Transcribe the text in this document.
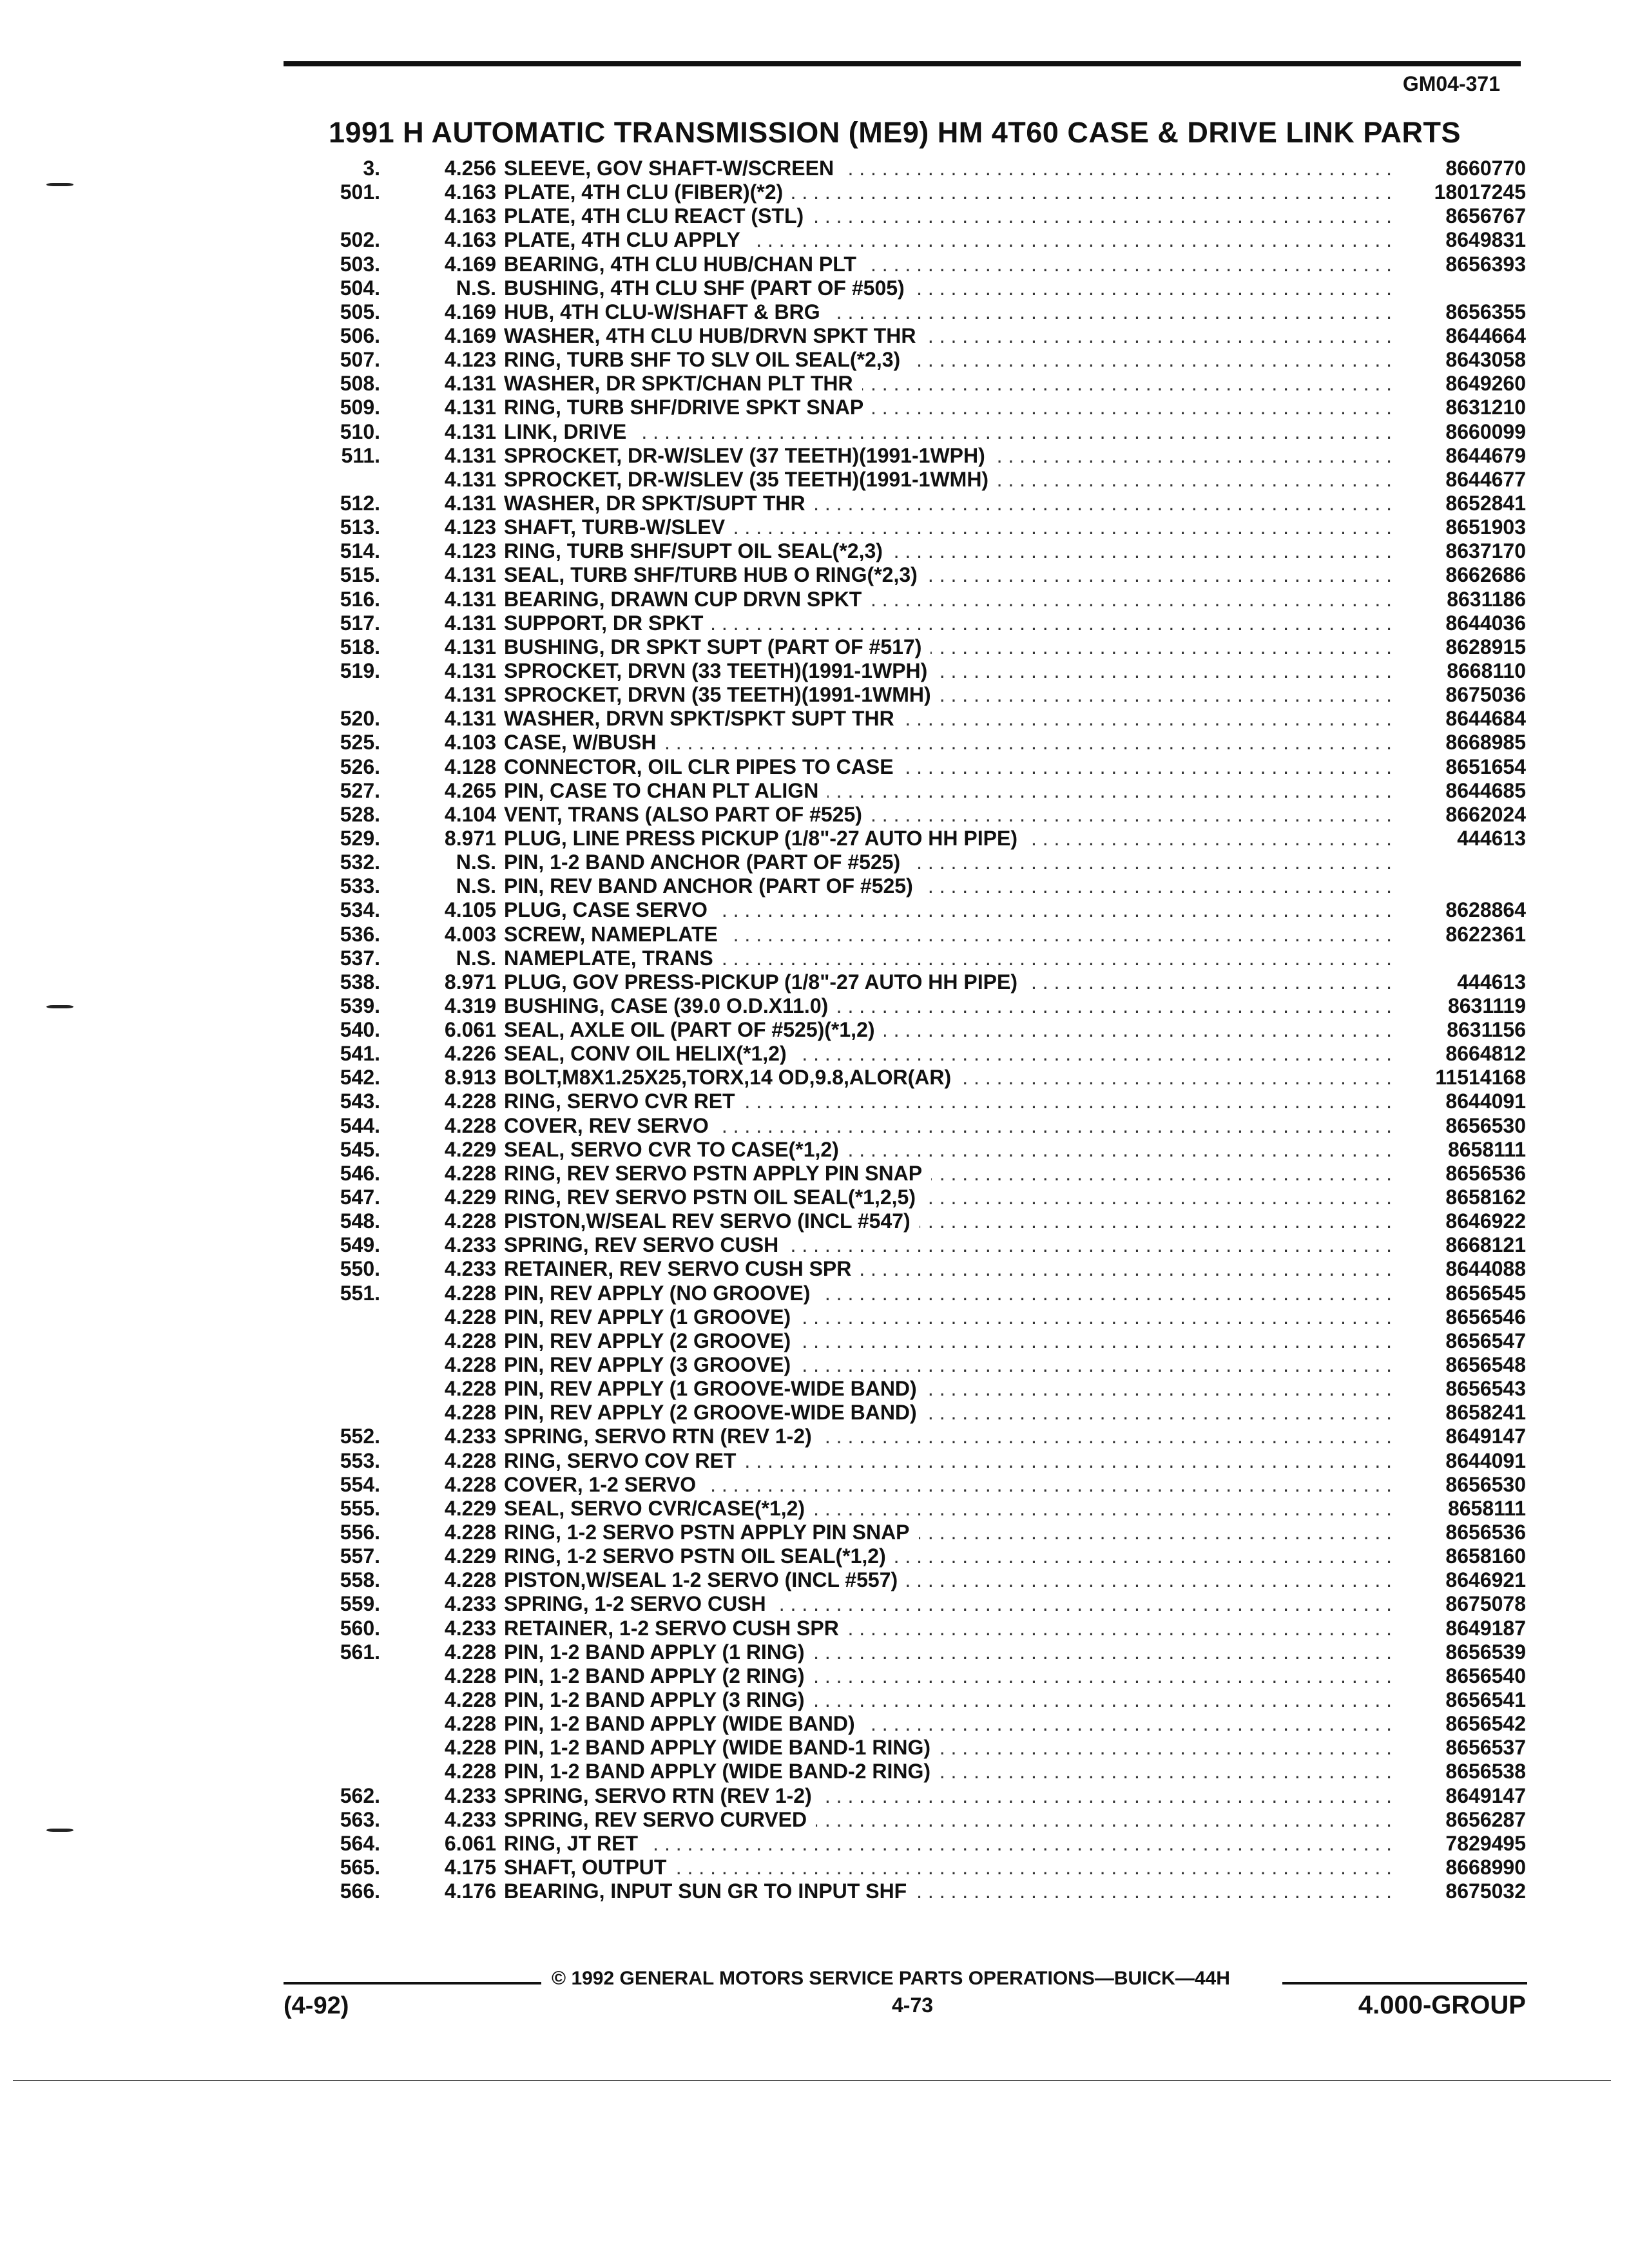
GM04-371
1991 H AUTOMATIC TRANSMISSION (ME9) HM 4T60 CASE & DRIVE LINK PARTS
3.	4.256 SLEEVE, GOV SHAFT-W/SCREEN . . .	8660770
501.	4.163 PLATE, 4TH CLU (FIBER)(*2) . . .	18017245
4.163 PLATE, 4TH CLU REACT (STL) . . .	8656767
502.	4.163 PLATE, 4TH CLU APPLY . . .	8649831
503.	4.169 BEARING, 4TH CLU HUB/CHAN PLT . . .	8656393
504.	N.S. BUSHING, 4TH CLU SHF (PART OF #505) . . .
505.	4.169 HUB, 4TH CLU-W/SHAFT & BRG . . .	8656355
506.	4.169 WASHER, 4TH CLU HUB/DRVN SPKT THR . . .	8644664
507.	4.123 RING, TURB SHF TO SLV OIL SEAL(*2,3) . . .	8643058
508.	4.131 WASHER, DR SPKT/CHAN PLT THR . . .	8649260
509.	4.131 RING, TURB SHF/DRIVE SPKT SNAP . . .	8631210
510.	4.131 LINK, DRIVE . . .	8660099
511.	4.131 SPROCKET, DR-W/SLEV (37 TEETH)(1991-1WPH) . . .	8644679
4.131 SPROCKET, DR-W/SLEV (35 TEETH)(1991-1WMH) . . .	8644677
512.	4.131 WASHER, DR SPKT/SUPT THR . . .	8652841
513.	4.123 SHAFT, TURB-W/SLEV . . .	8651903
514.	4.123 RING, TURB SHF/SUPT OIL SEAL(*2,3) . . .	8637170
515.	4.131 SEAL, TURB SHF/TURB HUB O RING(*2,3) . . .	8662686
516.	4.131 BEARING, DRAWN CUP DRVN SPKT . . .	8631186
517.	4.131 SUPPORT, DR SPKT . . .	8644036
518.	4.131 BUSHING, DR SPKT SUPT (PART OF #517) . . .	8628915
519.	4.131 SPROCKET, DRVN (33 TEETH)(1991-1WPH) . . .	8668110
4.131 SPROCKET, DRVN (35 TEETH)(1991-1WMH) . . .	8675036
520.	4.131 WASHER, DRVN SPKT/SPKT SUPT THR . . .	8644684
525.	4.103 CASE, W/BUSH . . .	8668985
526.	4.128 CONNECTOR, OIL CLR PIPES TO CASE . . .	8651654
527.	4.265 PIN, CASE TO CHAN PLT ALIGN . . .	8644685
528.	4.104 VENT, TRANS (ALSO PART OF #525) . . .	8662024
529.	8.971 PLUG, LINE PRESS PICKUP (1/8"-27 AUTO HH PIPE) . . .	444613
532.	N.S. PIN, 1-2 BAND ANCHOR (PART OF #525) . . .
533.	N.S. PIN, REV BAND ANCHOR (PART OF #525) . . .
534.	4.105 PLUG, CASE SERVO . . .	8628864
536.	4.003 SCREW, NAMEPLATE . . .	8622361
537.	N.S. NAMEPLATE, TRANS . . .
538.	8.971 PLUG, GOV PRESS-PICKUP (1/8"-27 AUTO HH PIPE) . . .	444613
539.	4.319 BUSHING, CASE (39.0 O.D.X11.0) . . .	8631119
540.	6.061 SEAL, AXLE OIL (PART OF #525)(*1,2) . . .	8631156
541.	4.226 SEAL, CONV OIL HELIX(*1,2) . . .	8664812
542.	8.913 BOLT,M8X1.25X25,TORX,14 OD,9.8,ALOR(AR) . . .	11514168
543.	4.228 RING, SERVO CVR RET . . .	8644091
544.	4.228 COVER, REV SERVO . . .	8656530
545.	4.229 SEAL, SERVO CVR TO CASE(*1,2) . . .	8658111
546.	4.228 RING, REV SERVO PSTN APPLY PIN SNAP . . .	8656536
547.	4.229 RING, REV SERVO PSTN OIL SEAL(*1,2,5) . . .	8658162
548.	4.228 PISTON,W/SEAL REV SERVO (INCL #547) . . .	8646922
549.	4.233 SPRING, REV SERVO CUSH . . .	8668121
550.	4.233 RETAINER, REV SERVO CUSH SPR . . .	8644088
551.	4.228 PIN, REV APPLY (NO GROOVE) . . .	8656545
4.228 PIN, REV APPLY (1 GROOVE) . . .	8656546
4.228 PIN, REV APPLY (2 GROOVE) . . .	8656547
4.228 PIN, REV APPLY (3 GROOVE) . . .	8656548
4.228 PIN, REV APPLY (1 GROOVE-WIDE BAND) . . .	8656543
4.228 PIN, REV APPLY (2 GROOVE-WIDE BAND) . . .	8658241
552.	4.233 SPRING, SERVO RTN (REV 1-2) . . .	8649147
553.	4.228 RING, SERVO COV RET . . .	8644091
554.	4.228 COVER, 1-2 SERVO . . .	8656530
555.	4.229 SEAL, SERVO CVR/CASE(*1,2) . . .	8658111
556.	4.228 RING, 1-2 SERVO PSTN APPLY PIN SNAP . . .	8656536
557.	4.229 RING, 1-2 SERVO PSTN OIL SEAL(*1,2) . . .	8658160
558.	4.228 PISTON,W/SEAL 1-2 SERVO (INCL #557) . . .	8646921
559.	4.233 SPRING, 1-2 SERVO CUSH . . .	8675078
560.	4.233 RETAINER, 1-2 SERVO CUSH SPR . . .	8649187
561.	4.228 PIN, 1-2 BAND APPLY (1 RING) . . .	8656539
4.228 PIN, 1-2 BAND APPLY (2 RING) . . .	8656540
4.228 PIN, 1-2 BAND APPLY (3 RING) . . .	8656541
4.228 PIN, 1-2 BAND APPLY (WIDE BAND) . . .	8656542
4.228 PIN, 1-2 BAND APPLY (WIDE BAND-1 RING) . . .	8656537
4.228 PIN, 1-2 BAND APPLY (WIDE BAND-2 RING) . . .	8656538
562.	4.233 SPRING, SERVO RTN (REV 1-2) . . .	8649147
563.	4.233 SPRING, REV SERVO CURVED . . .	8656287
564.	6.061 RING, JT RET . . .	7829495
565.	4.175 SHAFT, OUTPUT . . .	8668990
566.	4.176 BEARING, INPUT SUN GR TO INPUT SHF . . .	8675032
© 1992 GENERAL MOTORS SERVICE PARTS OPERATIONS—BUICK—44H
(4-92)	4-73	4.000-GROUP
